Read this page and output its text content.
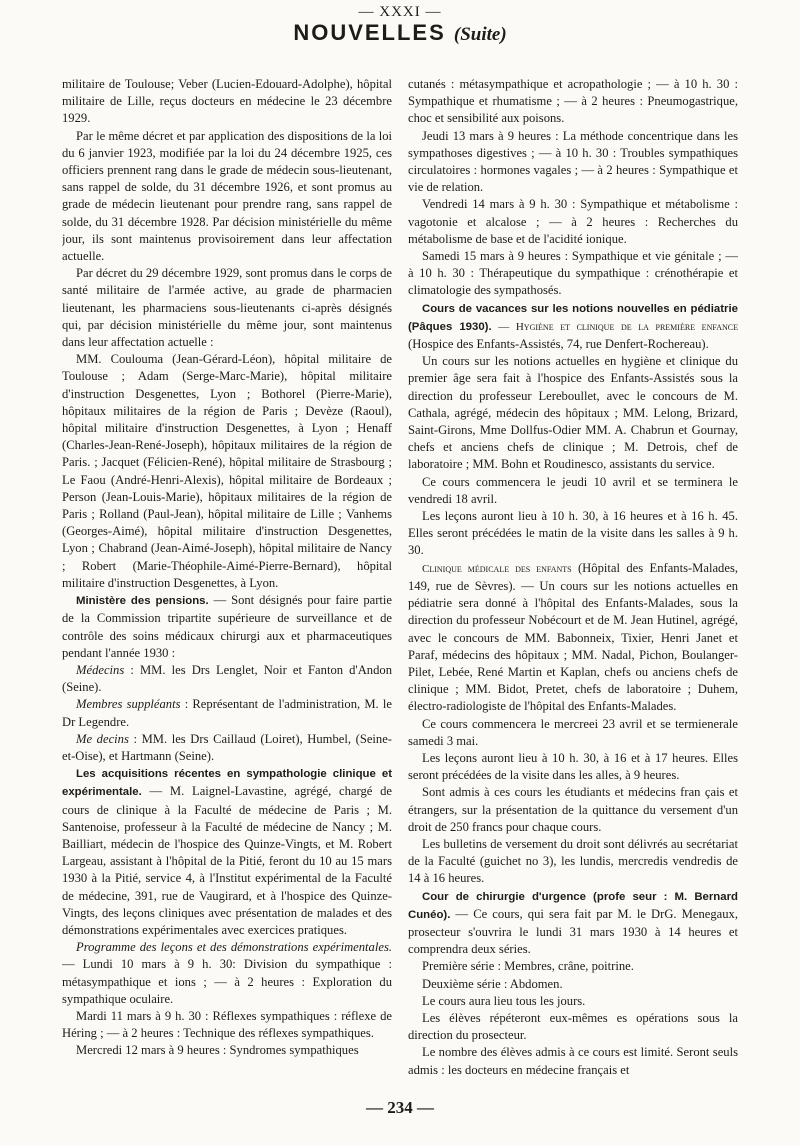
— XXXI —
NOUVELLES (Suite)

militaire de Toulouse; Veber (Lucien-Edouard-Adolphe), hôpital militaire de Lille, reçus docteurs en médecine le 23 décembre 1929.

Par le même décret et par application des dispositions de la loi du 6 janvier 1923, modifiée par la loi du 24 décembre 1925, ces officiers prennent rang dans le grade de médecin sous-lieutenant, sans rappel de solde, du 31 décembre 1926, et sont promus au grade de médecin lieutenant pour prendre rang, sans rappel de solde, du 31 décembre 1928. Par décision ministérielle du même jour, ils sont maintenus provisoirement dans leur affectation actuelle.

Par décret du 29 décembre 1929, sont promus dans le corps de santé militaire de l'armée active, au grade de pharmacien lieutenant, les pharmaciens sous-lieutenants ci-après désignés qui, par décision ministérielle du même jour, sont maintenus dans leur affectation actuelle :

MM. Coulouma (Jean-Gérard-Léon), hôpital militaire de Toulouse ; Adam (Serge-Marc-Marie), hôpital militaire d'instruction Desgenettes, Lyon ; Bothorel (Pierre-Marie), hôpitaux militaires de la région de Paris ; Devèze (Raoul), hôpital militaire d'instruction Desgenettes, à Lyon ; Henaff (Charles-Jean-René-Joseph), hôpitaux militaires de la région de Paris. ; Jacquet (Félicien-René), hôpital militaire de Strasbourg ; Le Faou (André-Henri-Alexis), hôpital militaire de Bordeaux ; Person (Jean-Louis-Marie), hôpitaux militaires de la région de Paris ; Rolland (Paul-Jean), hôpital militaire de Lille ; Vanhems (Georges-Aimé), hôpital militaire d'instruction Desgenettes, Lyon ; Chabrand (Jean-Aimé-Joseph), hôpital militaire de Nancy ; Robert (Marie-Théophile-Aimé-Pierre-Bernard), hôpital militaire d'instruction Desgenettes, à Lyon.

Ministère des pensions. — Sont désignés pour faire partie de la Commission tripartite supérieure de surveillance et de contrôle des soins médicaux chirurgi aux et pharmaceutiques pendant l'année 1930 :

Médecins : MM. les Drs Lenglet, Noir et Fanton d'Andon (Seine).

Membres suppléants : Représentant de l'administration, M. le Dr Legendre.

Me decins : MM. les Drs Caillaud (Loiret), Humbel, (Seine-et-Oise), et Hartmann (Seine).

Les acquisitions récentes en sympathologie clinique et expérimentale. — M. Laignel-Lavastine, agrégé, chargé de cours de clinique à la Faculté de médecine de Paris ; M. Santenoise, professeur à la Faculté de médecine de Nancy ; M. Bailliart, médecin de l'hospice des Quinze-Vingts, et M. Robert Largeau, assistant à l'hôpital de la Pitié, feront du 10 au 15 mars 1930 à la Pitié, service 4, à l'Institut expérimental de la Faculté de médecine, 391, rue de Vaugirard, et à l'hospice des Quinze-Vingts, des leçons cliniques avec présentation de malades et des démonstrations expérimentales avec exercices pratiques.

Programme des leçons et des démonstrations expérimentales. — Lundi 10 mars à 9 h. 30: Division du sympathique : métasympathique et ions ; — à 2 heures : Exploration du sympathique oculaire.

Mardi 11 mars à 9 h. 30 : Réflexes sympathiques : réflexe de Héring ; — à 2 heures : Technique des réflexes sympathiques.

Mercredi 12 mars à 9 heures : Syndromes sympathiques

cutanés : métasympathique et acropathologie ; — à 10 h. 30 : Sympathique et rhumatisme ; — à 2 heures : Pneumogastrique, choc et sensibilité aux poisons.

Jeudi 13 mars à 9 heures : La méthode concentrique dans les sympathoses digestives ; — à 10 h. 30 : Troubles sympathiques circulatoires : hormones vagales ; — à 2 heures : Sympathique et vie de relation.

Vendredi 14 mars à 9 h. 30 : Sympathique et métabolisme : vagotonie et alcalose ; — à 2 heures : Recherches du métabolisme de base et de l'acidité ionique.

Samedi 15 mars à 9 heures : Sympathique et vie génitale ; — à 10 h. 30 : Thérapeutique du sympathique : crénothérapie et climatologie des sympathosés.

Cours de vacances sur les notions nouvelles en pédiatrie (Pâques 1930). — Hygiène et clinique de la première enfance (Hospice des Enfants-Assistés, 74, rue Denfert-Rochereau).

Un cours sur les notions actuelles en hygiène et clinique du premier âge sera fait à l'hospice des Enfants-Assistés sous la direction du professeur Lereboullet, avec le concours de M. Cathala, agrégé, médecin des hôpitaux ; MM. Lelong, Brizard, Saint-Girons, Mme Dollfus-Odier MM. A. Chabrun et Gournay, chefs et anciens chefs de clinique ; M. Detrois, chef de laboratoire ; MM. Bohn et Roudinesco, assistants du service.

Ce cours commencera le jeudi 10 avril et se terminera le vendredi 18 avril.

Les leçons auront lieu à 10 h. 30, à 16 heures et à 16 h. 45. Elles seront précédées le matin de la visite dans les salles à 9 h. 30.

Clinique médicale des enfants (Hôpital des Enfants-Malades, 149, rue de Sèvres). — Un cours sur les notions actuelles en pédiatrie sera donné à l'hôpital des Enfants-Malades, sous la direction du professeur Nobécourt et de M. Jean Hutinel, agrégé, avec le concours de MM. Babonneix, Tixier, Henri Janet et Paraf, médecins des hôpitaux ; MM. Nadal, Pichon, Boulanger-Pilet, Lebée, René Martin et Kaplan, chefs ou anciens chefs de clinique ; MM. Bidot, Pretet, chefs de laboratoire ; Duhem, électro-radiologiste de l'hôpital des Enfants-Malades.

Ce cours commencera le mercreei 23 avril et se termienerale samedi 3 mai.

Les leçons auront lieu à 10 h. 30, à 16 et à 17 heures. Elles seront précédées de la visite dans les alles, à 9 heures.

Sont admis à ces cours les étudiants et médecins fran çais et étrangers, sur la présentation de la quittance du versement d'un droit de 250 francs pour chaque cours.

Les bulletins de versement du droit sont délivrés au secrétariat de la Faculté (guichet no 3), les lundis, mercredis vendredis de 14 à 16 heures.

Cour de chirurgie d'urgence (profe seur : M. Bernard Cunéo). — Ce cours, qui sera fait par M. le DrG. Menegaux, prosecteur s'ouvrira le lundi 31 mars 1930 à 14 heures et comprendra deux séries.

Première série : Membres, crâne, poitrine.

Deuxième série : Abdomen.

Le cours aura lieu tous les jours.

Les élèves répéteront eux-mêmes es opérations sous la direction du prosecteur.

Le nombre des élèves admis à ce cours est limité. Seront seuls admis : les docteurs en médecine français et

— 234 —
